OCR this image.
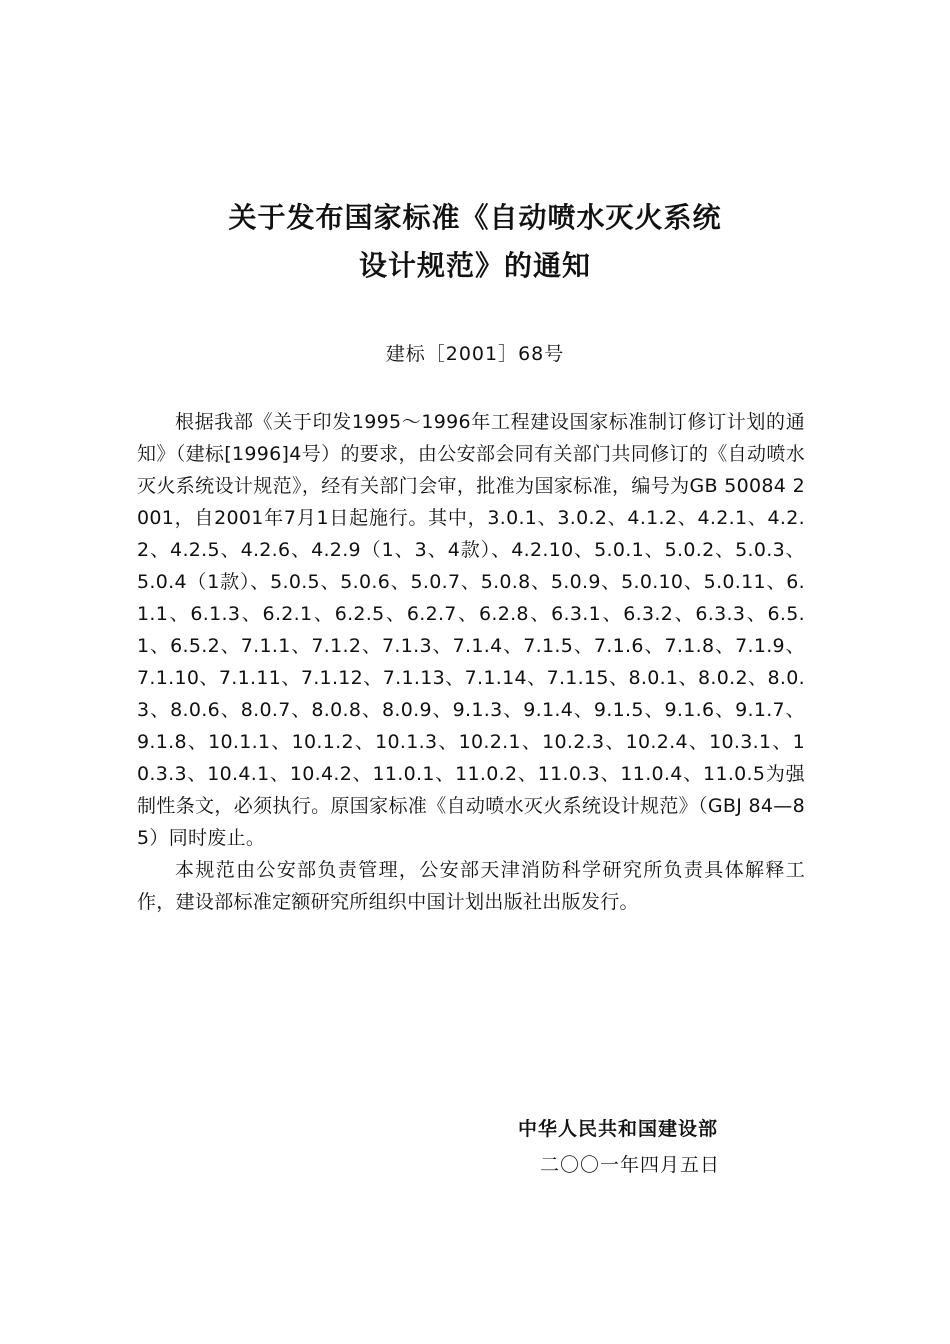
关于发布国家标准《自动喷水灭火系统
设计规范》的通知
建标［2001］68号

根据我部《关于印发1995～1996年工程建设国家标准制订修订计划的通知》（建标[1996]4号）的要求，由公安部会同有关部门共同修订的《自动喷水灭火系统设计规范》，经有关部门会审，批准为国家标准，编号为GB 50084 2001，自2001年7月1日起施行。其中，3.0.1、3.0.2、4.1.2、4.2.1、4.2.2、4.2.5、4.2.6、4.2.9（1、3、4款）、4.2.10、5.0.1、5.0.2、5.0.3、5.0.4（1款）、5.0.5、5.0.6、5.0.7、5.0.8、5.0.9、5.0.10、5.0.11、6.1.1、6.1.3、6.2.1、6.2.5、6.2.7、6.2.8、6.3.1、6.3.2、6.3.3、6.5.1、6.5.2、7.1.1、7.1.2、7.1.3、7.1.4、7.1.5、7.1.6、7.1.8、7.1.9、7.1.10、7.1.11、7.1.12、7.1.13、7.1.14、7.1.15、8.0.1、8.0.2、8.0.3、8.0.6、8.0.7、8.0.8、8.0.9、9.1.3、9.1.4、9.1.5、9.1.6、9.1.7、9.1.8、10.1.1、10.1.2、10.1.3、10.2.1、10.2.3、10.2.4、10.3.1、10.3.3、10.4.1、10.4.2、11.0.1、11.0.2、11.0.3、11.0.4、11.0.5为强制性条文，必须执行。原国家标准《自动喷水灭火系统设计规范》（GBJ 84—85）同时废止。

本规范由公安部负责管理，公安部天津消防科学研究所负责具体解释工作，建设部标准定额研究所组织中国计划出版社出版发行。

中华人民共和国建设部
二〇〇一年四月五日
